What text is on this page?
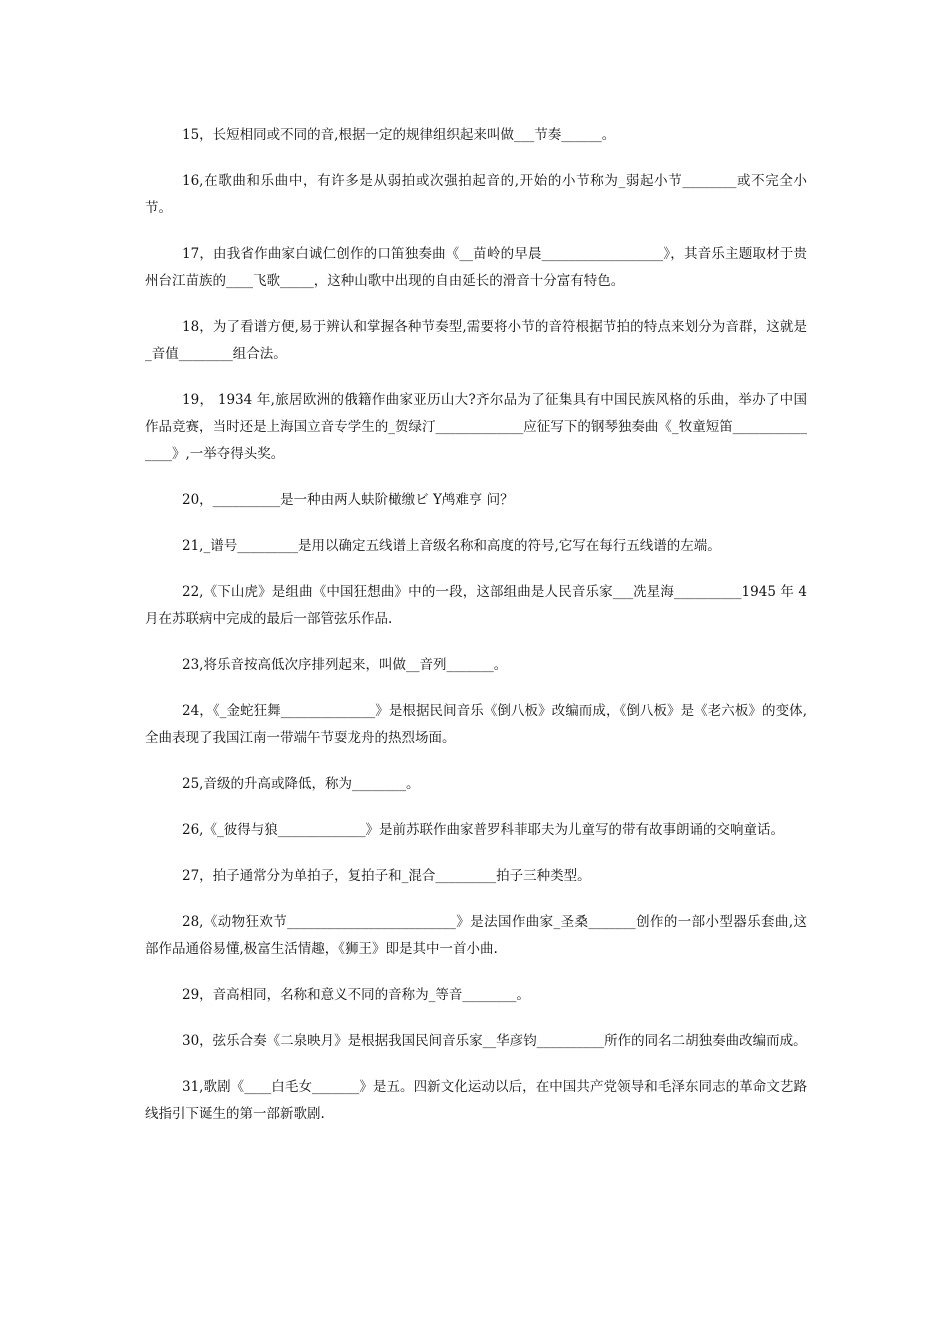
15，长短相同或不同的音,根据一定的规律组织起来叫做___节奏______。

16,在歌曲和乐曲中，有许多是从弱拍或次强拍起音的,开始的小节称为_弱起小节________或不完全小节。

17，由我省作曲家白诚仁创作的口笛独奏曲《__苗岭的早晨__________________》，其音乐主题取材于贵州台江苗族的____飞歌_____，这种山歌中出现的自由延长的滑音十分富有特色。

18，为了看谱方便,易于辨认和掌握各种节奏型,需要将小节的音符根据节拍的特点来划分为音群，这就是_音值________组合法。

19， 1934 年,旅居欧洲的俄籍作曲家亚历山大?齐尔品为了征集具有中国民族风格的乐曲，举办了中国作品竞赛，当时还是上海国立音专学生的_贺绿汀_____________应征写下的钢琴独奏曲《_牧童短笛_______________》,一举夺得头奖。

20，__________是一种由两人蚨阶橄缴ビ Y鸬难亨 问？

21,_谱号_________是用以确定五线谱上音级名称和高度的符号,它写在每行五线谱的左端。

22,《下山虎》是组曲《中国狂想曲》中的一段，这部组曲是人民音乐家___冼星海__________1945 年 4 月在苏联病中完成的最后一部管弦乐作品.

23,将乐音按高低次序排列起来，叫做__音列_______。

24，《_金蛇狂舞______________》是根据民间音乐《倒八板》改编而成，《倒八板》是《老六板》的变体,全曲表现了我国江南一带端午节耍龙舟的热烈场面。

25,音级的升高或降低，称为________。

26,《_彼得与狼_____________》是前苏联作曲家普罗科菲耶夫为儿童写的带有故事朗诵的交响童话。

27，拍子通常分为单拍子，复拍子和_混合_________拍子三种类型。

28,《动物狂欢节_________________________》是法国作曲家_圣桑_______创作的一部小型器乐套曲,这部作品通俗易懂,极富生活情趣，《狮王》即是其中一首小曲.

29，音高相同，名称和意义不同的音称为_等音________。

30，弦乐合奏《二泉映月》是根据我国民间音乐家__华彦钧__________所作的同名二胡独奏曲改编而成。

31,歌剧《____白毛女_______》是五。四新文化运动以后，在中国共产党领导和毛泽东同志的革命文艺路线指引下诞生的第一部新歌剧.
